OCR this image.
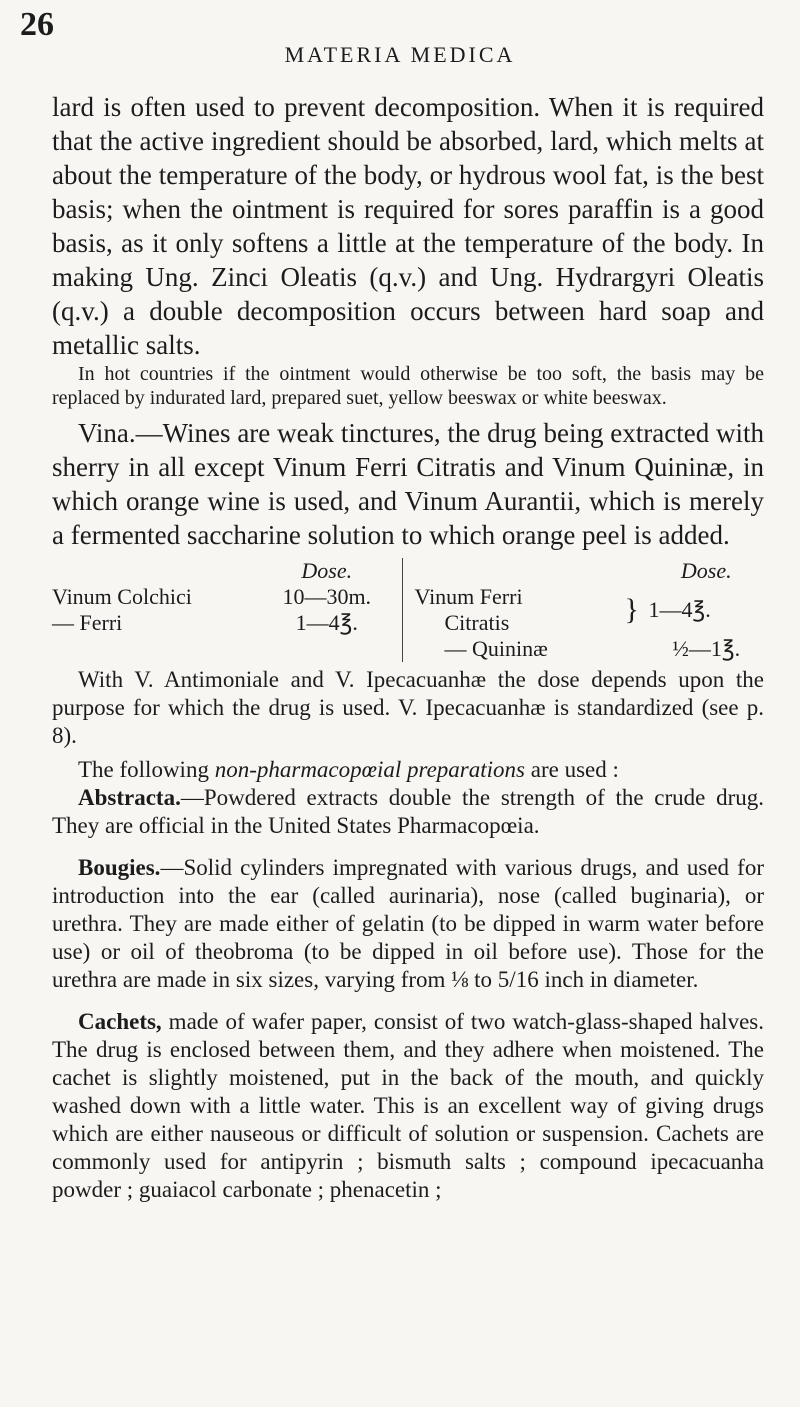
26
MATERIA MEDICA

lard is often used to prevent decomposition. When it is required that the active ingredient should be absorbed, lard, which melts at about the temperature of the body, or hydrous wool fat, is the best basis; when the ointment is required for sores paraffin is a good basis, as it only softens a little at the temperature of the body. In making Ung. Zinci Oleatis (q.v.) and Ung. Hydrargyri Oleatis (q.v.) a double decomposition occurs between hard soap and metallic salts.

In hot countries if the ointment would otherwise be too soft, the basis may be replaced by indurated lard, prepared suet, yellow beeswax or white beeswax.

Vina.—Wines are weak tinctures, the drug being extracted with sherry in all except Vinum Ferri Citratis and Vinum Quininæ, in which orange wine is used, and Vinum Aurantii, which is merely a fermented saccharine solution to which orange peel is added.

Dose.
Vinum Colchici	10—30m.
— Ferri	1—4℥.
Dose.
Vinum Ferri
Citratis	} 1—4℥.
— Quininæ	½—1℥.

With V. Antimoniale and V. Ipecacuanhæ the dose depends upon the purpose for which the drug is used. V. Ipecacuanhæ is standardized (see p. 8).

The following non-pharmacopœial preparations are used :

Abstracta.—Powdered extracts double the strength of the crude drug. They are official in the United States Pharmacopœia.

Bougies.—Solid cylinders impregnated with various drugs, and used for introduction into the ear (called aurinaria), nose (called buginaria), or urethra. They are made either of gelatin (to be dipped in warm water before use) or oil of theobroma (to be dipped in oil before use). Those for the urethra are made in six sizes, varying from ⅛ to 5/16 inch in diameter.

Cachets, made of wafer paper, consist of two watch-glass-shaped halves. The drug is enclosed between them, and they adhere when moistened. The cachet is slightly moistened, put in the back of the mouth, and quickly washed down with a little water. This is an excellent way of giving drugs which are either nauseous or difficult of solution or suspension. Cachets are commonly used for antipyrin ; bismuth salts ; compound ipecacuanha powder ; guaiacol carbonate ; phenacetin ;
